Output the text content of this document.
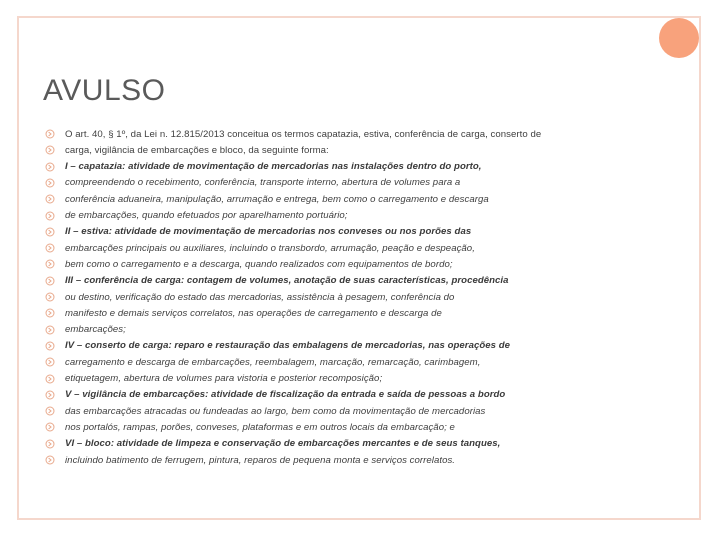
AVULSO
O art. 40, § 1º, da Lei n. 12.815/2013 conceitua os termos capatazia, estiva, conferência de carga, conserto de
carga, vigilância de embarcações e bloco, da seguinte forma:
I – capatazia: atividade de movimentação de mercadorias nas instalações dentro do porto,
compreendendo o recebimento, conferência, transporte interno, abertura de volumes para a
conferência aduaneira, manipulação, arrumação e entrega, bem como o carregamento e descarga
de embarcações, quando efetuados por aparelhamento portuário;
II – estiva: atividade de movimentação de mercadorias nos conveses ou nos porões das
embarcações principais ou auxiliares, incluindo o transbordo, arrumação, peação e despeação,
bem como o carregamento e a descarga, quando realizados com equipamentos de bordo;
III – conferência de carga: contagem de volumes, anotação de suas características, procedência
ou destino, verificação do estado das mercadorias, assistência à pesagem, conferência do
manifesto e demais serviços correlatos, nas operações de carregamento e descarga de
embarcações;
IV – conserto de carga: reparo e restauração das embalagens de mercadorias, nas operações de
carregamento e descarga de embarcações, reembalagem, marcação, remarcação, carimbagem,
etiquetagem, abertura de volumes para vistoria e posterior recomposição;
V – vigilância de embarcações: atividade de fiscalização da entrada e saída de pessoas a bordo
das embarcações atracadas ou fundeadas ao largo, bem como da movimentação de mercadorias
nos portalós, rampas, porões, conveses, plataformas e em outros locais da embarcação; e
VI – bloco: atividade de limpeza e conservação de embarcações mercantes e de seus tanques,
incluindo batimento de ferrugem, pintura, reparos de pequena monta e serviços correlatos.
